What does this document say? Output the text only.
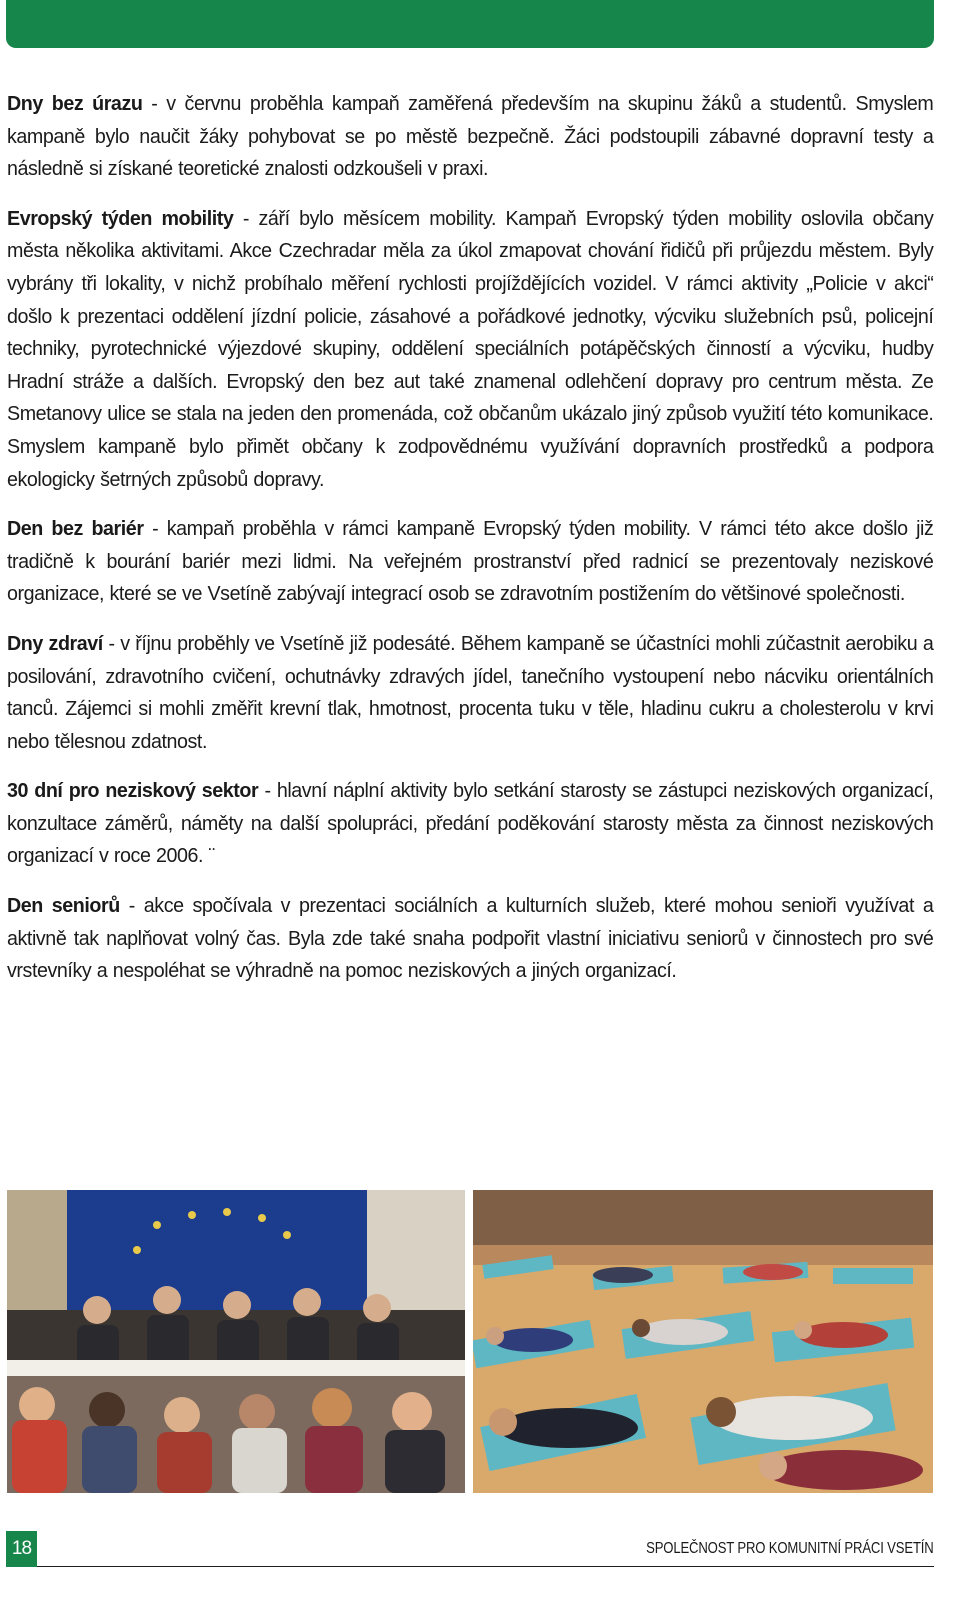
Dny bez úrazu - v červnu proběhla kampaň zaměřená především na skupinu žáků a studentů. Smyslem kampaně bylo naučit žáky pohybovat se po městě bezpečně. Žáci podstoupili zábavné dopravní testy a následně si získané teoretické znalosti odzkoušeli v praxi.

Evropský týden mobility - září bylo měsícem mobility. Kampaň Evropský týden mobility oslovila občany města několika aktivitami. Akce Czechradar měla za úkol zmapovat chování řidičů při průjezdu městem. Byly vybrány tři lokality, v nichž probíhalo měření rychlosti projíždějících vozidel. V rámci aktivity „Policie v akci“ došlo k prezentaci oddělení jízdní policie, zásahové a pořádkové jednotky, výcviku služebních psů, policejní techniky, pyrotechnické výjezdové skupiny, oddělení speciálních potápěčských činností a výcviku, hudby Hradní stráže a dalších. Evropský den bez aut také znamenal odlehčení dopravy pro centrum města. Ze Smetanovy ulice se stala na jeden den promenáda, což občanům ukázalo jiný způsob využití této komunikace. Smyslem kampaně bylo přimět občany k zodpovědnému využívání dopravních prostředků a podpora ekologicky šetrných způsobů dopravy.

Den bez bariér - kampaň proběhla v rámci kampaně Evropský týden mobility. V rámci této akce došlo již tradičně k bourání bariér mezi lidmi. Na veřejném prostranství před radnicí se prezentovaly neziskové organizace, které se ve Vsetíně zabývají integrací osob se zdravotním postižením do většinové společnosti.

Dny zdraví - v říjnu proběhly ve Vsetíně již podesáté. Během kampaně se účastníci mohli zúčastnit aerobiku a posilování, zdravotního cvičení, ochutnávky zdravých jídel, tanečního vystoupení nebo nácviku orientálních tanců. Zájemci si mohli změřit krevní tlak, hmotnost, procenta tuku v těle, hladinu cukru a cholesterolu v krvi nebo tělesnou zdatnost.

30 dní pro neziskový sektor - hlavní náplní aktivity bylo setkání starosty se zástupci neziskových organizací, konzultace záměrů, náměty na další spolupráci, předání poděkování starosty města za činnost neziskových organizací v roce 2006. ¨

Den seniorů - akce spočívala v prezentaci sociálních a kulturních služeb, které mohou senioři využívat a aktivně tak naplňovat volný čas. Byla zde také snaha podpořit vlastní iniciativu seniorů v činnostech pro své vrstevníky a nespoléhat se výhradně na pomoc neziskových a jiných organizací.

18	SPOLEČNOST PRO KOMUNITNÍ PRÁCI VSETÍN
